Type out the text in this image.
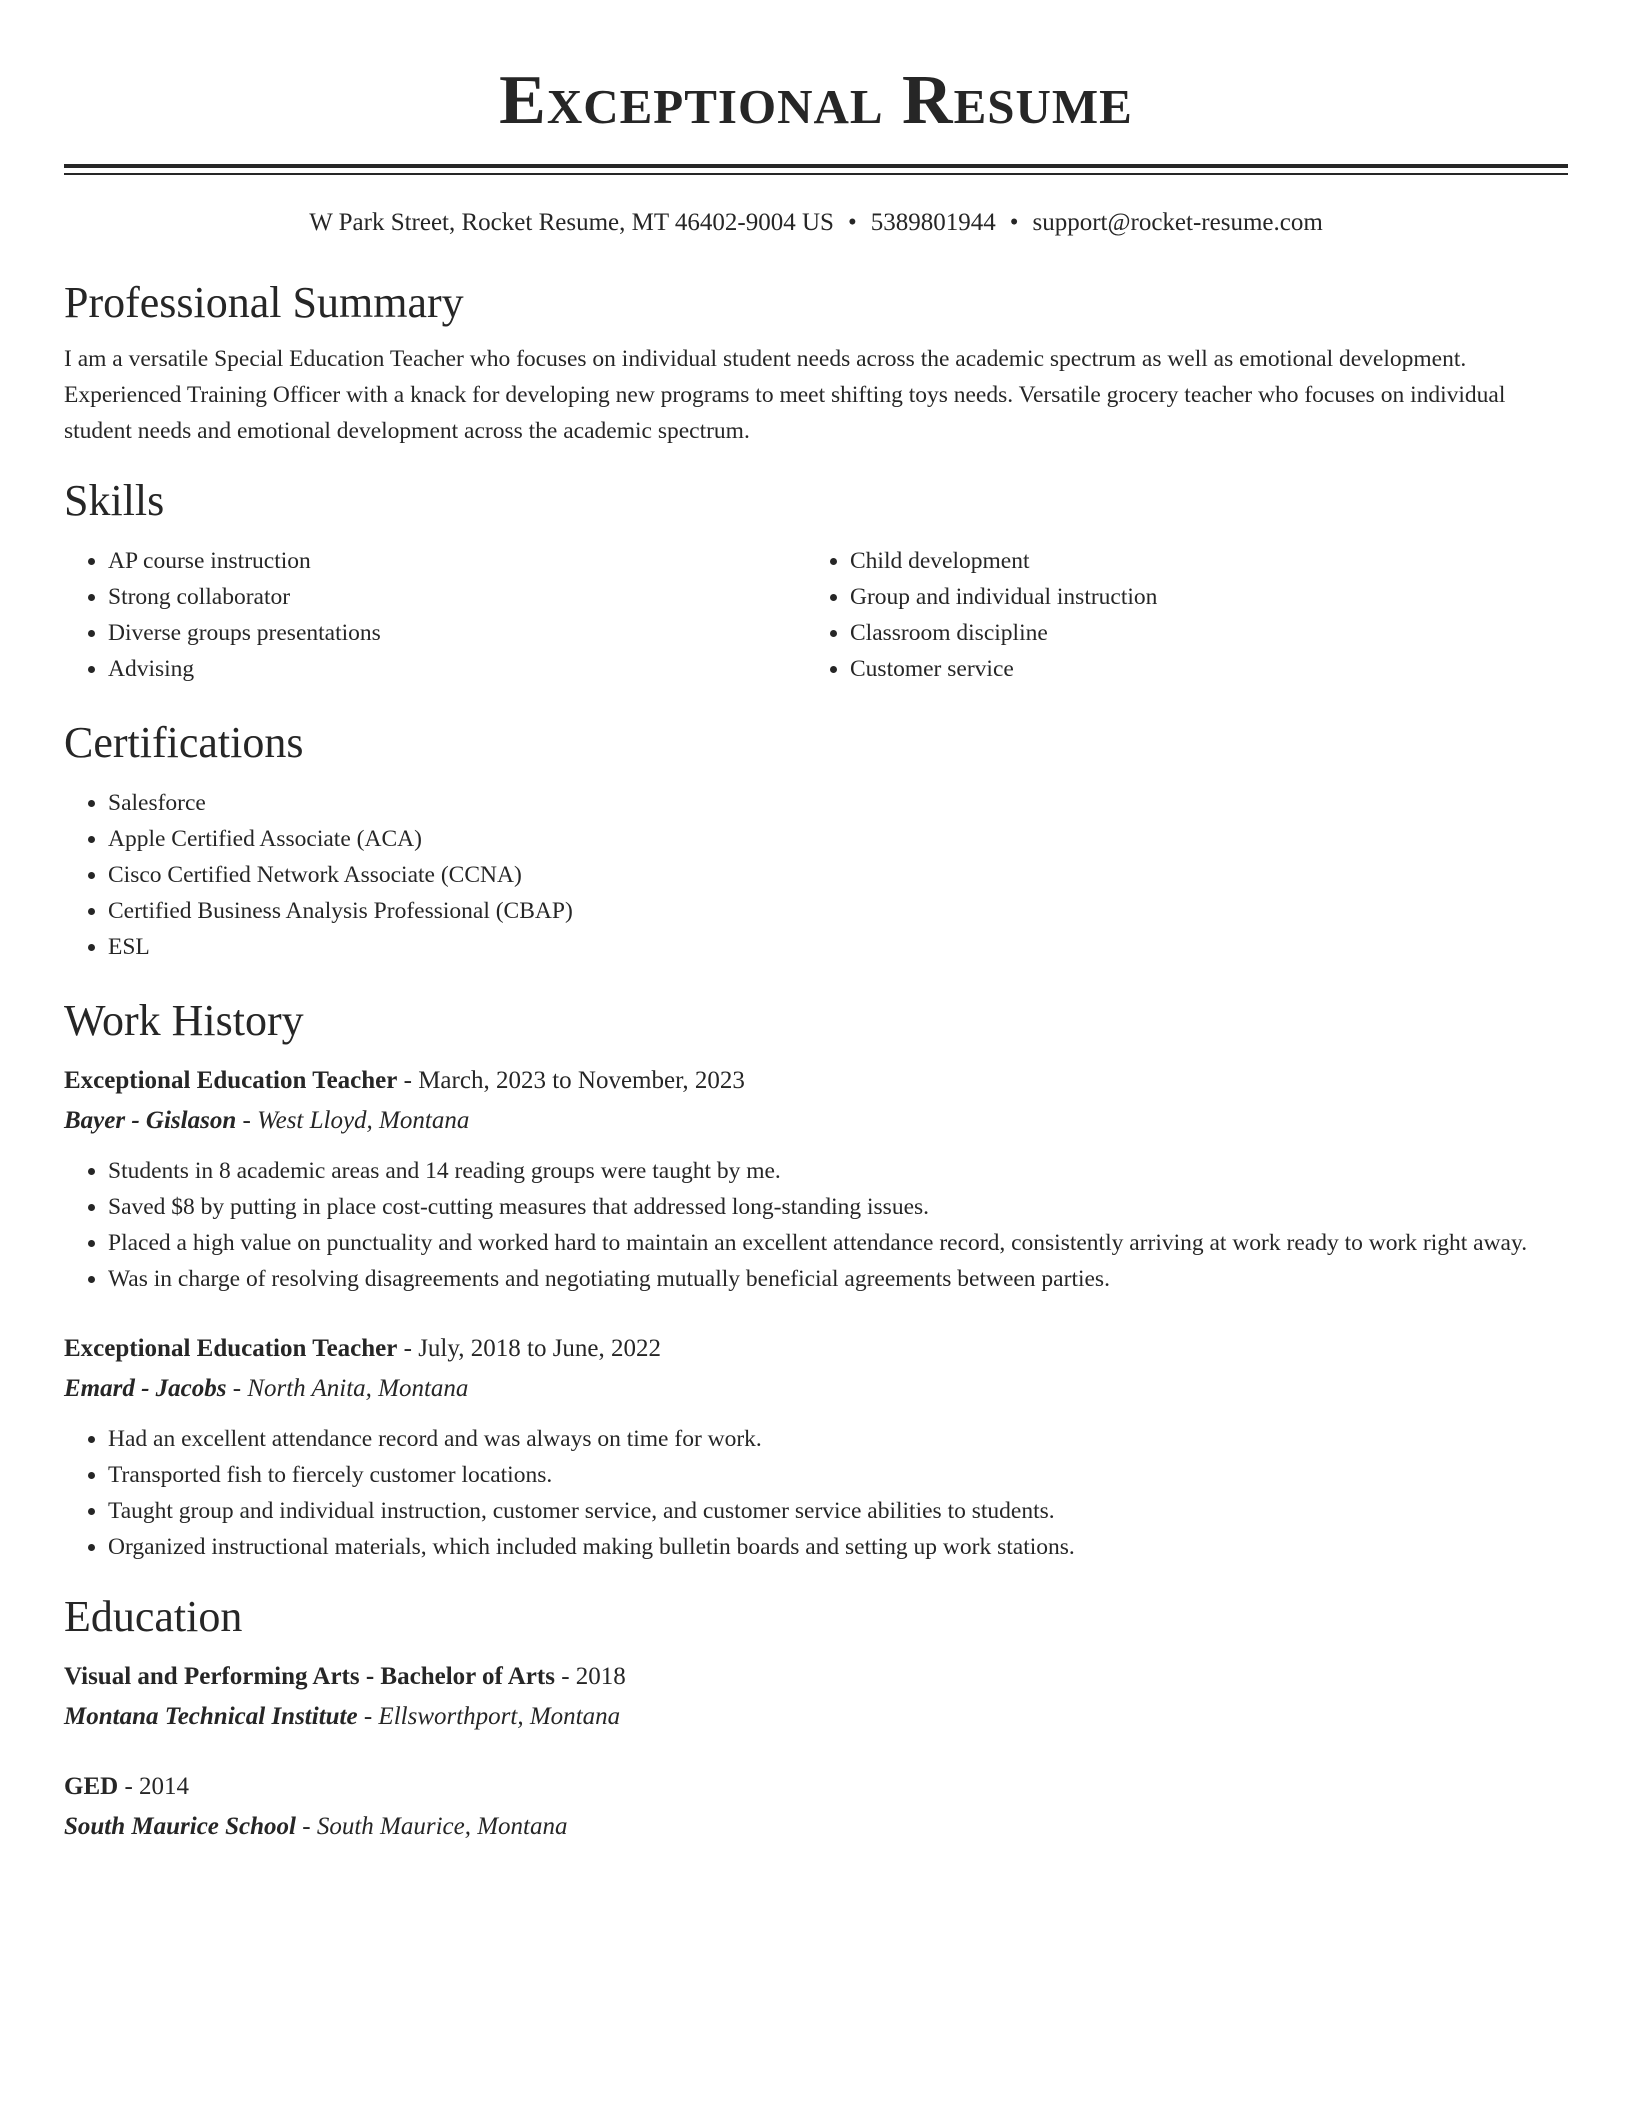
Exceptional Resume
W Park Street, Rocket Resume, MT 46402-9004 US • 5389801944 • support@rocket-resume.com
Professional Summary

I am a versatile Special Education Teacher who focuses on individual student needs across the academic spectrum as well as emotional development. Experienced Training Officer with a knack for developing new programs to meet shifting toys needs. Versatile grocery teacher who focuses on individual student needs and emotional development across the academic spectrum.

Skills
• AP course instruction
• Strong collaborator
• Diverse groups presentations
• Advising
• Child development
• Group and individual instruction
• Classroom discipline
• Customer service
Certifications
• Salesforce
• Apple Certified Associate (ACA)
• Cisco Certified Network Associate (CCNA)
• Certified Business Analysis Professional (CBAP)
• ESL
Work History
Exceptional Education Teacher - March, 2023 to November, 2023
Bayer - Gislason - West Lloyd, Montana
• Students in 8 academic areas and 14 reading groups were taught by me.
• Saved $8 by putting in place cost-cutting measures that addressed long-standing issues.
• Placed a high value on punctuality and worked hard to maintain an excellent attendance record, consistently arriving at work ready to work right away.
• Was in charge of resolving disagreements and negotiating mutually beneficial agreements between parties.
Exceptional Education Teacher - July, 2018 to June, 2022
Emard - Jacobs - North Anita, Montana
• Had an excellent attendance record and was always on time for work.
• Transported fish to fiercely customer locations.
• Taught group and individual instruction, customer service, and customer service abilities to students.
• Organized instructional materials, which included making bulletin boards and setting up work stations.
Education
Visual and Performing Arts - Bachelor of Arts - 2018
Montana Technical Institute - Ellsworthport, Montana
GED - 2014
South Maurice School - South Maurice, Montana
